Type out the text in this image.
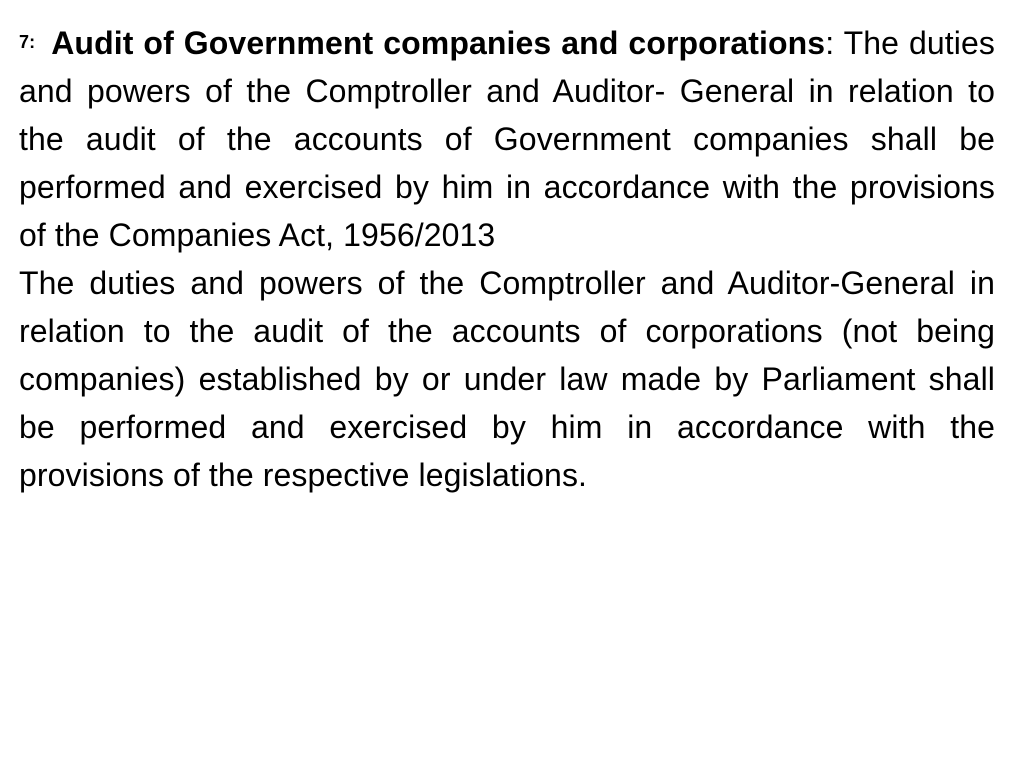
7: Audit of Government companies and corporations: The duties and powers of the Comptroller and Auditor- General in relation to the audit of the accounts of Government companies shall be performed and exercised by him in accordance with the provisions of the Companies Act, 1956/2013

The duties and powers of the Comptroller and Auditor-General in relation to the audit of the accounts of corporations (not being companies) established by or under law made by Parliament shall be performed and exercised by him in accordance with the provisions of the respective legislations.
